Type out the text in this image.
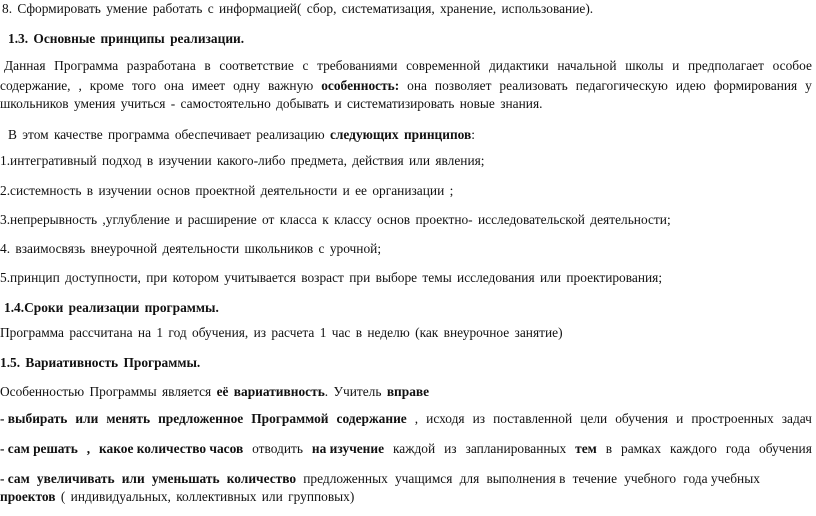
8. Сформировать умение работать с информацией( сбор, систематизация, хранение, использование).
1.3. Основные принципы реализации.
Данная Программа разработана в соответствие с требованиями современной дидактики начальной школы и предполагает особое
содержание, , кроме того она имеет одну важную особенность: она позволяет реализовать педагогическую идею формирования у
школьников умения учиться - самостоятельно добывать и систематизировать новые знания.
В этом качестве программа обеспечивает реализацию следующих принципов:
1.интегративный подход в изучении какого-либо предмета, действия или явления;
2.системность в изучении основ проектной деятельности и ее организации ;
3.непрерывность ,углубление и расширение от класса к классу основ проектно- исследовательской деятельности;
4. взаимосвязь внеурочной деятельности школьников с урочной;
5.принцип доступности, при котором учитывается возраст при выборе темы исследования или проектирования;
1.4.Сроки реализации программы.
Программа рассчитана на 1 год обучения, из расчета 1 час в неделю (как внеурочное занятие)
1.5. Вариативность Программы.
Особенностью Программы является её вариативность. Учитель вправе
- выбирать или менять предложенное Программой содержание , исходя из поставленной цели обучения и простроенных задач
- сам решать , какое количество часов отводить на изучение каждой из запланированных тем в рамках каждого года обучения
- сам увеличивать или уменьшать количество предложенных учащимся для выполнения в течение учебного года учебных
проектов ( индивидуальных, коллективных или групповых)
